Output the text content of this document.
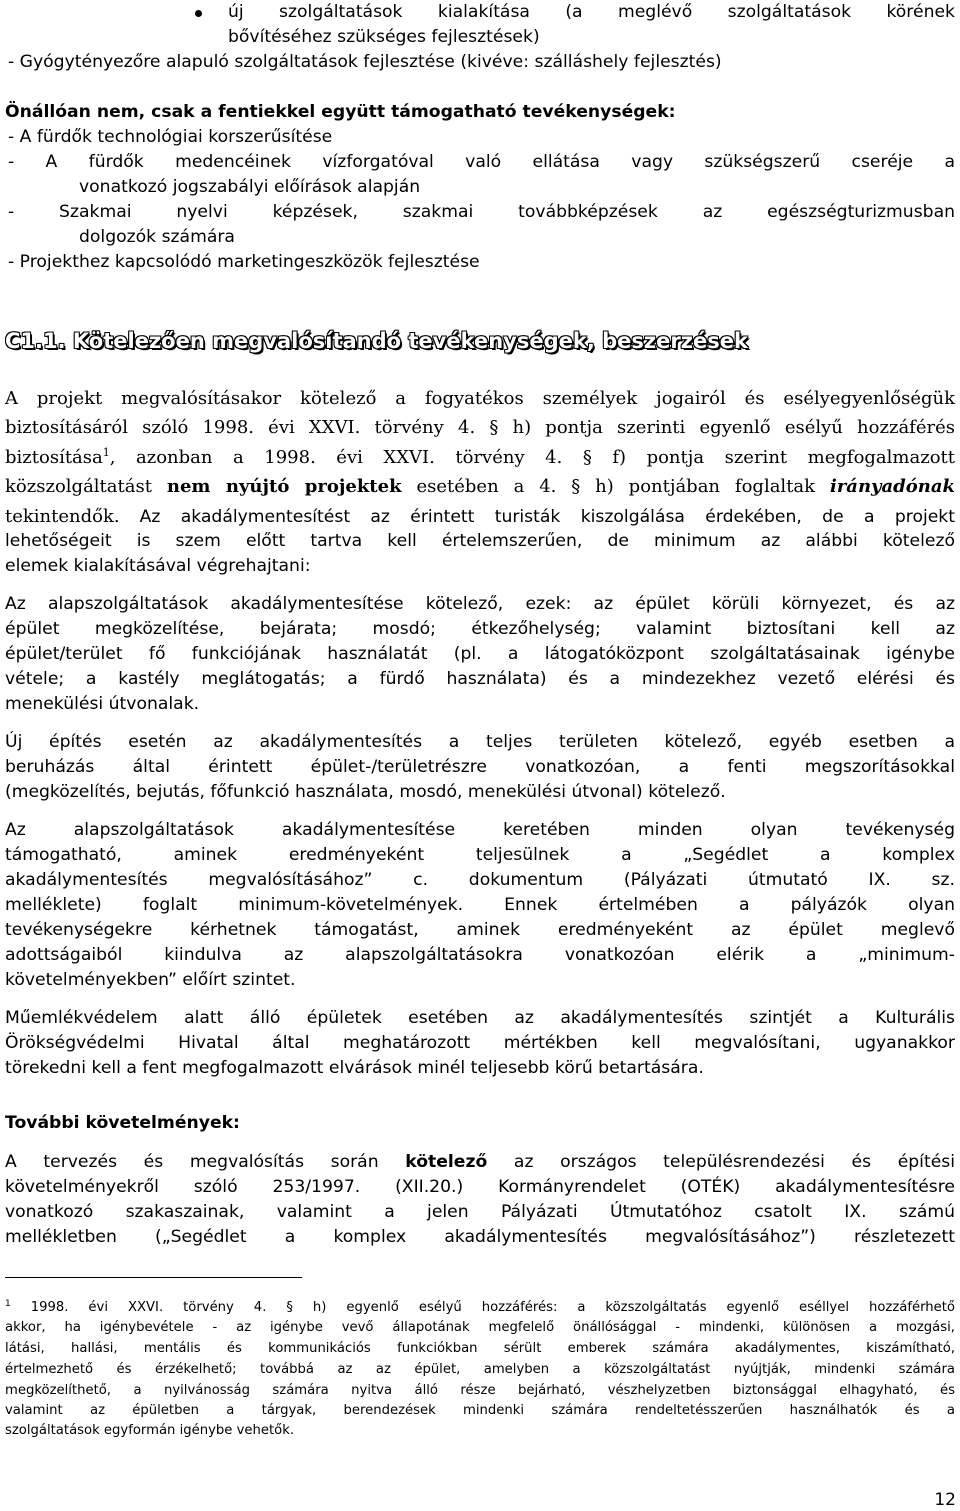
új szolgáltatások kialakítása (a meglévő szolgáltatások körének
bővítéséhez szükséges fejlesztések)
- Gyógytényezőre alapuló szolgáltatások fejlesztése (kivéve: szálláshely fejlesztés)
Önállóan nem, csak a fentiekkel együtt támogatható tevékenységek:
- A fürdők technológiai korszerűsítése
- A fürdők medencéinek vízforgatóval való ellátása vagy szükségszerű cseréje a
vonatkozó jogszabályi előírások alapján
- Szakmai nyelvi képzések, szakmai továbbképzések az egészségturizmusban
dolgozók számára
- Projekthez kapcsolódó marketingeszközök fejlesztése
C1.1. Kötelezően megvalósítandó tevékenységek, beszerzések
A projekt megvalósításakor kötelező a fogyatékos személyek jogairól és esélyegyenlőségük
biztosításáról szóló 1998. évi XXVI. törvény 4. § h) pontja szerinti egyenlő esélyű hozzáférés
biztosítása$^1$, azonban a 1998. évi XXVI. törvény 4. § f) pontja szerint megfogalmazott
közszolgáltatást nem nyújtó projektek esetében a 4. § h) pontjában foglaltak irányadónak
tekintendők. Az akadálymentesítést az érintett turisták kiszolgálása érdekében, de a projekt
lehetőségeit is szem előtt tartva kell értelemszerűen, de minimum az alábbi kötelező
elemek kialakításával végrehajtani:
Az alapszolgáltatások akadálymentesítése kötelező, ezek: az épület körüli környezet, és az
épület megközelítése, bejárata; mosdó; étkezőhelység; valamint biztosítani kell az
épület/terület fő funkciójának használatát (pl. a látogatóközpont szolgáltatásainak igénybe
vétele; a kastély meglátogatás; a fürdő használata) és a mindezekhez vezető elérési és
menekülési útvonalak.
Új építés esetén az akadálymentesítés a teljes területen kötelező, egyéb esetben a
beruházás által érintett épület-/területrészre vonatkozóan, a fenti megszorításokkal
(megközelítés, bejutás, főfunkció használata, mosdó, menekülési útvonal) kötelező.
Az alapszolgáltatások akadálymentesítése keretében minden olyan tevékenység
támogatható, aminek eredményeként teljesülnek a „Segédlet a komplex
akadálymentesítés megvalósításához” c. dokumentum (Pályázati útmutató IX. sz.
melléklete) foglalt minimum-követelmények. Ennek értelmében a pályázók olyan
tevékenységekre kérhetnek támogatást, aminek eredményeként az épület meglevő
adottságaiból kiindulva az alapszolgáltatásokra vonatkozóan elérik a „minimum-
követelményekben” előírt szintet.
Műemlékvédelem alatt álló épületek esetében az akadálymentesítés szintjét a Kulturális
Örökségvédelmi Hivatal által meghatározott mértékben kell megvalósítani, ugyanakkor
törekedni kell a fent megfogalmazott elvárások minél teljesebb körű betartására.
További követelmények:
A tervezés és megvalósítás során kötelező az országos településrendezési és építési
követelményekről szóló 253/1997. (XII.20.) Kormányrendelet (OTÉK) akadálymentesítésre
vonatkozó szakaszainak, valamint a jelen Pályázati Útmutatóhoz csatolt IX. számú
mellékletben („Segédlet a komplex akadálymentesítés megvalósításához”) részletezett
$^1$ 1998. évi XXVI. törvény 4. § h) egyenlő esélyű hozzáférés: a közszolgáltatás egyenlő eséllyel hozzáférhető
akkor, ha igénybevétele - az igénybe vevő állapotának megfelelő önállósággal - mindenki, különösen a mozgási,
látási, hallási, mentális és kommunikációs funkciókban sérült emberek számára akadálymentes, kiszámítható,
értelmezhető és érzékelhető; továbbá az az épület, amelyben a közszolgáltatást nyújtják, mindenki számára
megközelíthető, a nyilvánosság számára nyitva álló része bejárható, vészhelyzetben biztonsággal elhagyható, és
valamint az épületben a tárgyak, berendezések mindenki számára rendeltetésszerűen használhatók és a
szolgáltatások egyformán igénybe vehetők.
12
